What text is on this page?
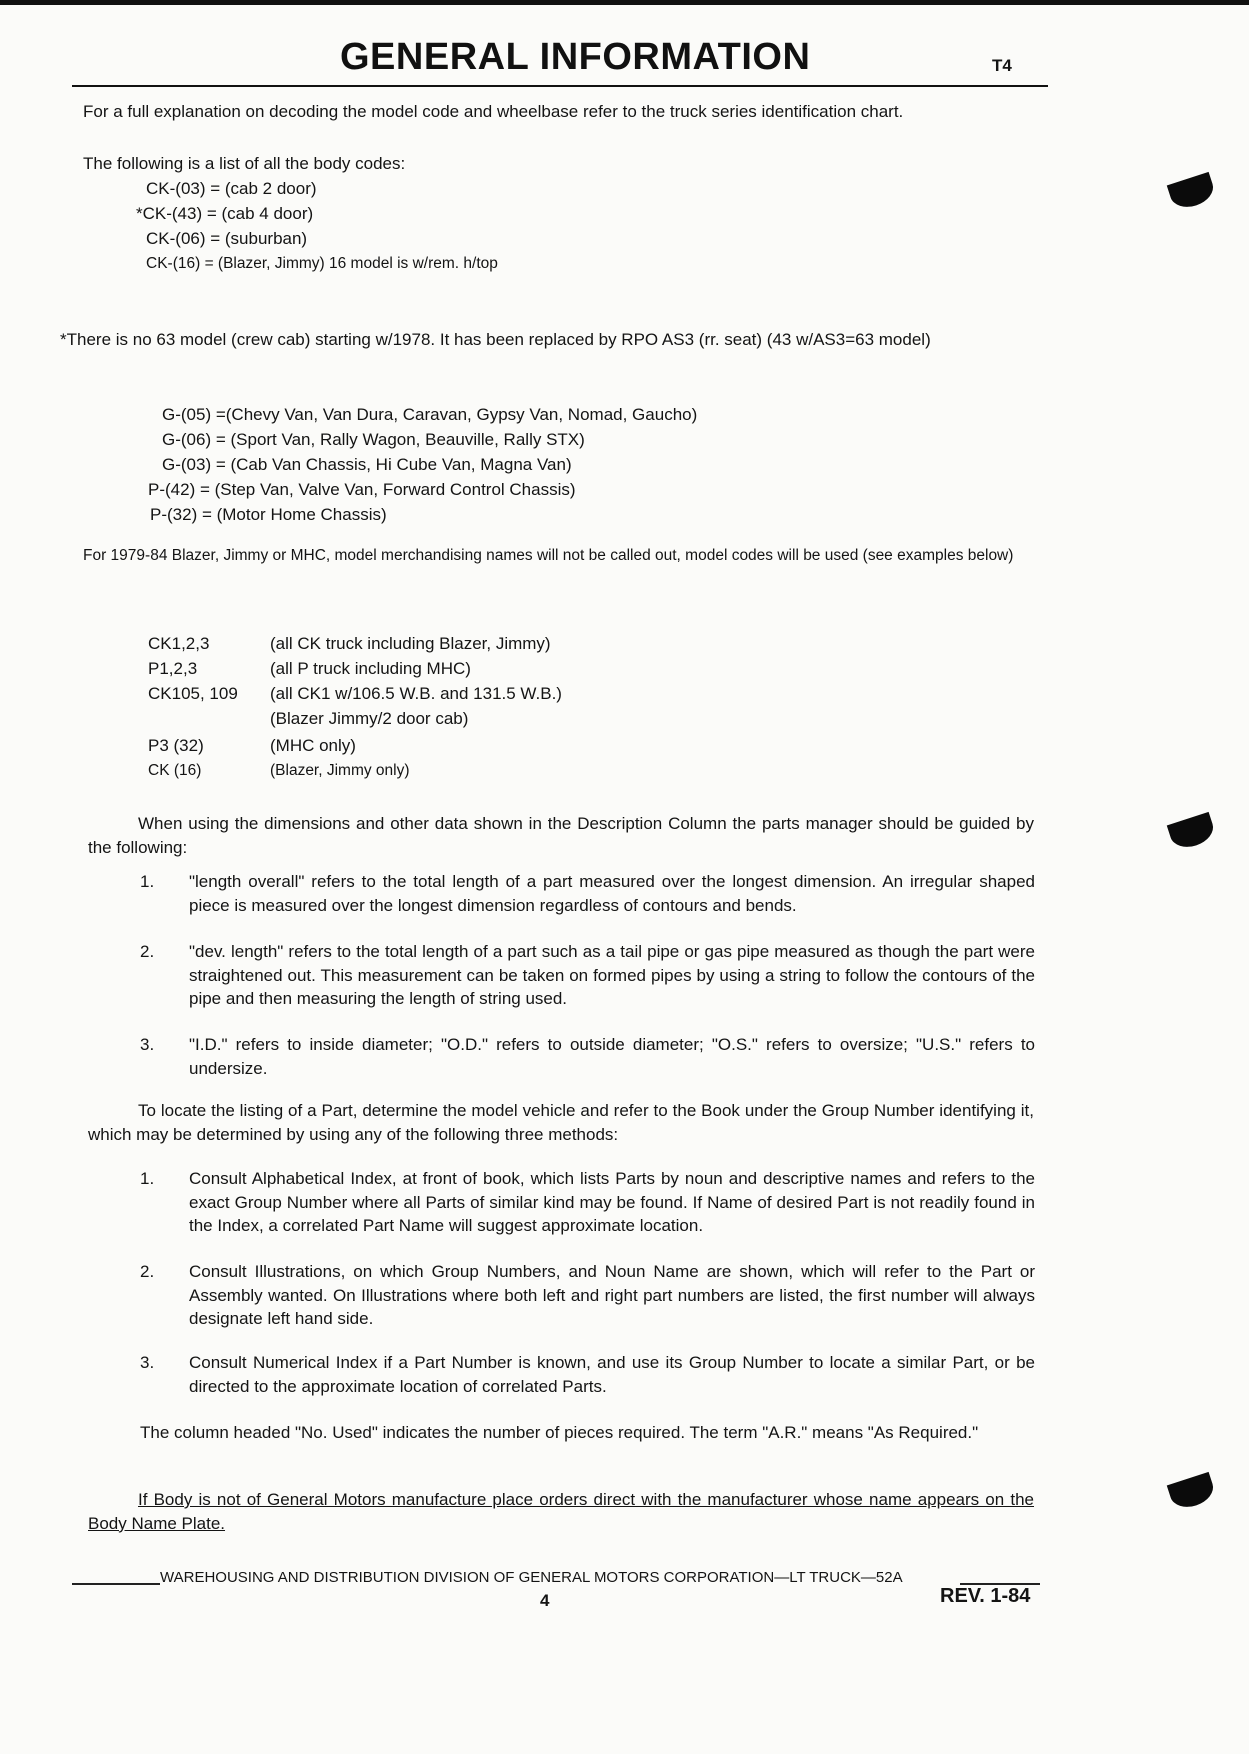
GENERAL INFORMATION	T4
For a full explanation on decoding the model code and wheelbase refer to the truck series identification chart.
The following is a list of all the body codes:
CK-(03) = (cab 2 door)
*CK-(43) = (cab 4 door)
CK-(06) = (suburban)
CK-(16) = (Blazer, Jimmy) 16 model is w/rem. h/top
*There is no 63 model (crew cab) starting w/1978. It has been replaced by RPO AS3 (rr. seat) (43 w/AS3=63 model)
G-(05) =(Chevy Van, Van Dura, Caravan, Gypsy Van, Nomad, Gaucho)
G-(06) = (Sport Van, Rally Wagon, Beauville, Rally STX)
G-(03) = (Cab Van Chassis, Hi Cube Van, Magna Van)
P-(42) = (Step Van, Valve Van, Forward Control Chassis)
P-(32) = (Motor Home Chassis)
For 1979-84 Blazer, Jimmy or MHC, model merchandising names will not be called out, model codes will be used (see examples below)
CK1,2,3	(all CK truck including Blazer, Jimmy)
P1,2,3	(all P truck including MHC)
CK105, 109 (all CK1 w/106.5 W.B. and 131.5 W.B.)
(Blazer Jimmy/2 door cab)
P3 (32)	(MHC only)
CK (16)	(Blazer, Jimmy only)
When using the dimensions and other data shown in the Description Column the parts manager should be guided by the following:
1. "length overall" refers to the total length of a part measured over the longest dimension. An irregular shaped piece is measured over the longest dimension regardless of contours and bends.
2. "dev. length" refers to the total length of a part such as a tail pipe or gas pipe measured as though the part were straightened out. This measurement can be taken on formed pipes by using a string to follow the contours of the pipe and then measuring the length of string used.
3. "I.D." refers to inside diameter; "O.D." refers to outside diameter; "O.S." refers to oversize; "U.S." refers to undersize.
To locate the listing of a Part, determine the model vehicle and refer to the Book under the Group Number identifying it, which may be determined by using any of the following three methods:
1. Consult Alphabetical Index, at front of book, which lists Parts by noun and descriptive names and refers to the exact Group Number where all Parts of similar kind may be found. If Name of desired Part is not readily found in the Index, a correlated Part Name will suggest approximate location.
2. Consult Illustrations, on which Group Numbers, and Noun Name are shown, which will refer to the Part or Assembly wanted. On Illustrations where both left and right part numbers are listed, the first number will always designate left hand side.
3. Consult Numerical Index if a Part Number is known, and use its Group Number to locate a similar Part, or be directed to the approximate location of correlated Parts.
The column headed "No. Used" indicates the number of pieces required. The term "A.R." means "As Required."
If Body is not of General Motors manufacture place orders direct with the manufacturer whose name appears on the Body Name Plate.
WAREHOUSING AND DISTRIBUTION DIVISION OF GENERAL MOTORS CORPORATION—LT TRUCK—52A
4	REV. 1-84
